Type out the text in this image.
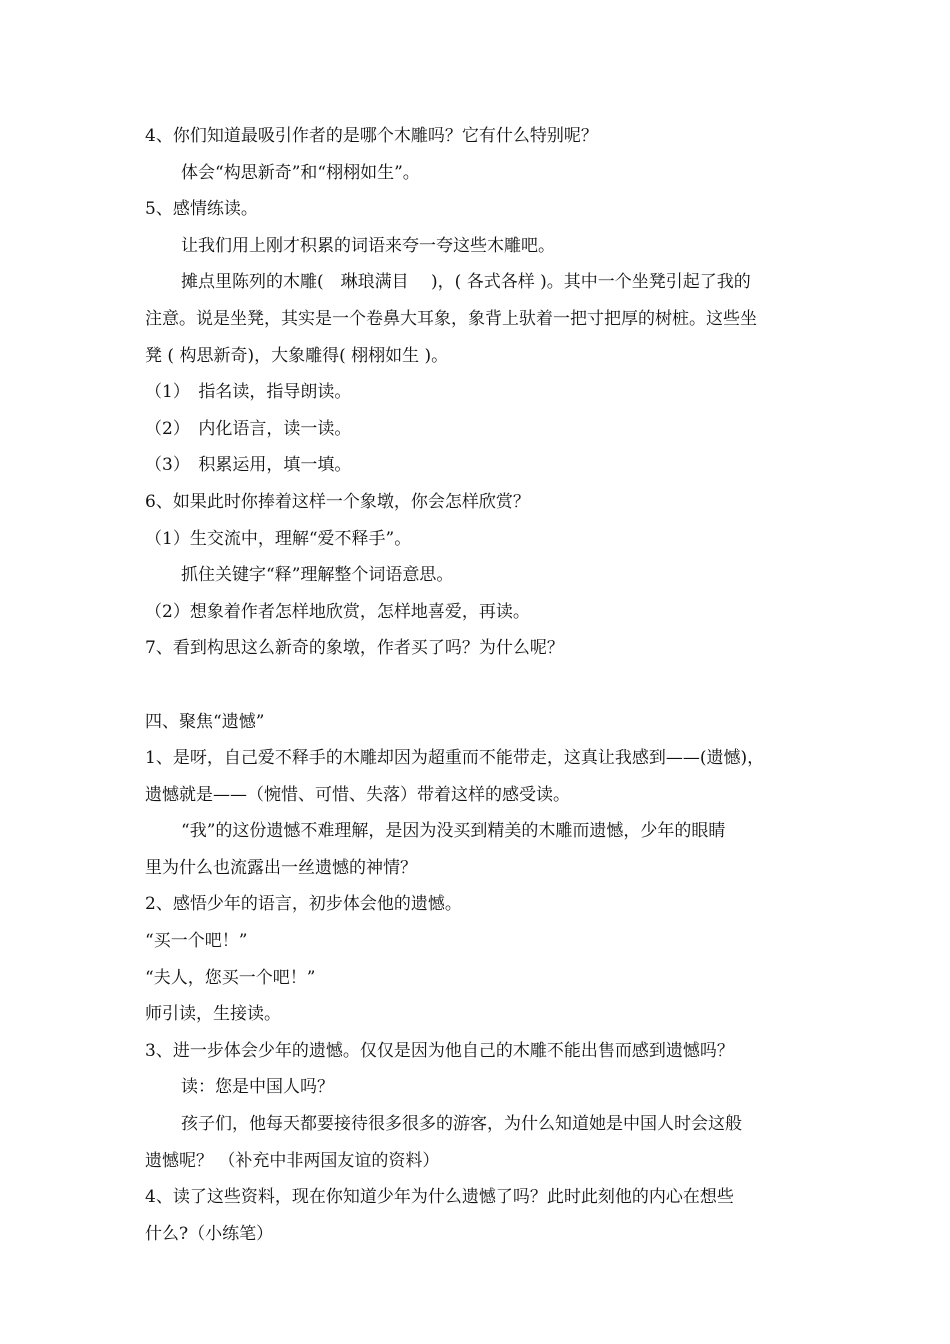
4、你们知道最吸引作者的是哪个木雕吗？它有什么特别呢？
体会“构思新奇”和“栩栩如生”。
5、感情练读。
让我们用上刚才积累的词语来夸一夸这些木雕吧。
摊点里陈列的木雕(　琳琅满目　 )，( 各式各样 )。其中一个坐凳引起了我的
注意。说是坐凳，其实是一个卷鼻大耳象，象背上驮着一把寸把厚的树桩。这些坐
凳 ( 构思新奇)，大象雕得( 栩栩如生 )。
（1）　指名读，指导朗读。
（2）　内化语言，读一读。
（3）　积累运用，填一填。
6、如果此时你捧着这样一个象墩，你会怎样欣赏？
（1）生交流中，理解“爱不释手”。
抓住关键字“释”理解整个词语意思。
（2）想象着作者怎样地欣赏，怎样地喜爱，再读。
7、看到构思这么新奇的象墩，作者买了吗？为什么呢？
四、聚焦“遗憾”
1、是呀，自己爱不释手的木雕却因为超重而不能带走，这真让我感到——(遗憾)，
遗憾就是——（惋惜、可惜、失落）带着这样的感受读。
“我”的这份遗憾不难理解，是因为没买到精美的木雕而遗憾，少年的眼睛
里为什么也流露出一丝遗憾的神情？
2、感悟少年的语言，初步体会他的遗憾。
“买一个吧！”
“夫人，您买一个吧！”
师引读，生接读。
3、进一步体会少年的遗憾。仅仅是因为他自己的木雕不能出售而感到遗憾吗？
读：您是中国人吗？
孩子们，他每天都要接待很多很多的游客，为什么知道她是中国人时会这般
遗憾呢？ （补充中非两国友谊的资料）
4、读了这些资料，现在你知道少年为什么遗憾了吗？此时此刻他的内心在想些
什么?（小练笔）
